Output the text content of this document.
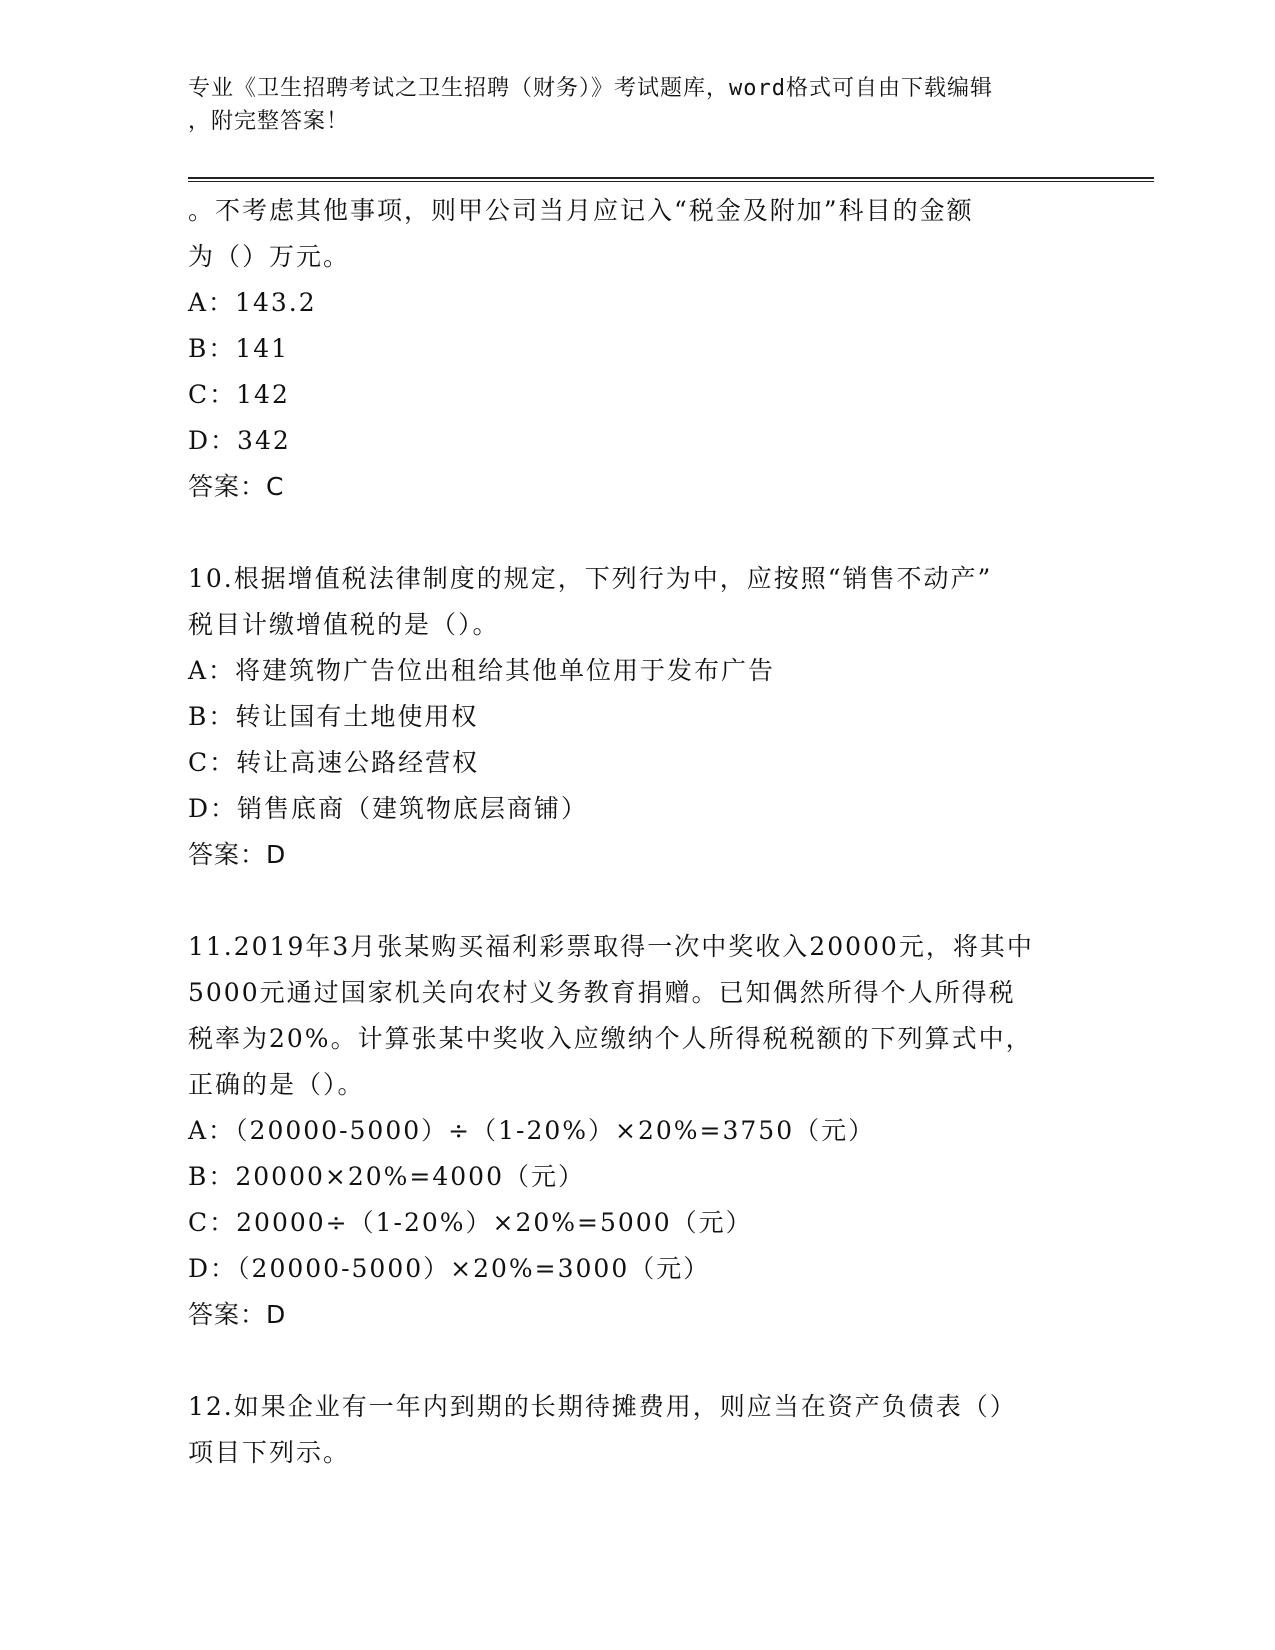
专业《卫生招聘考试之卫生招聘（财务）》考试题库，word格式可自由下载编辑
，附完整答案！
。不考虑其他事项，则甲公司当月应记入“税金及附加”科目的金额
为（）万元。
A：143.2
B：141
C：142
D：342
答案：C
10.根据增值税法律制度的规定，下列行为中，应按照“销售不动产”
税目计缴增值税的是（）。
A：将建筑物广告位出租给其他单位用于发布广告
B：转让国有土地使用权
C：转让高速公路经营权
D：销售底商（建筑物底层商铺）
答案：D
11.2019年3月张某购买福利彩票取得一次中奖收入20000元，将其中
5000元通过国家机关向农村义务教育捐赠。已知偶然所得个人所得税
税率为20%。计算张某中奖收入应缴纳个人所得税税额的下列算式中，
正确的是（）。
A：（20000-5000）÷（1-20%）×20%=3750（元）
B：20000×20%=4000（元）
C：20000÷（1-20%）×20%=5000（元）
D：（20000-5000）×20%=3000（元）
答案：D
12.如果企业有一年内到期的长期待摊费用，则应当在资产负债表（）
项目下列示。
